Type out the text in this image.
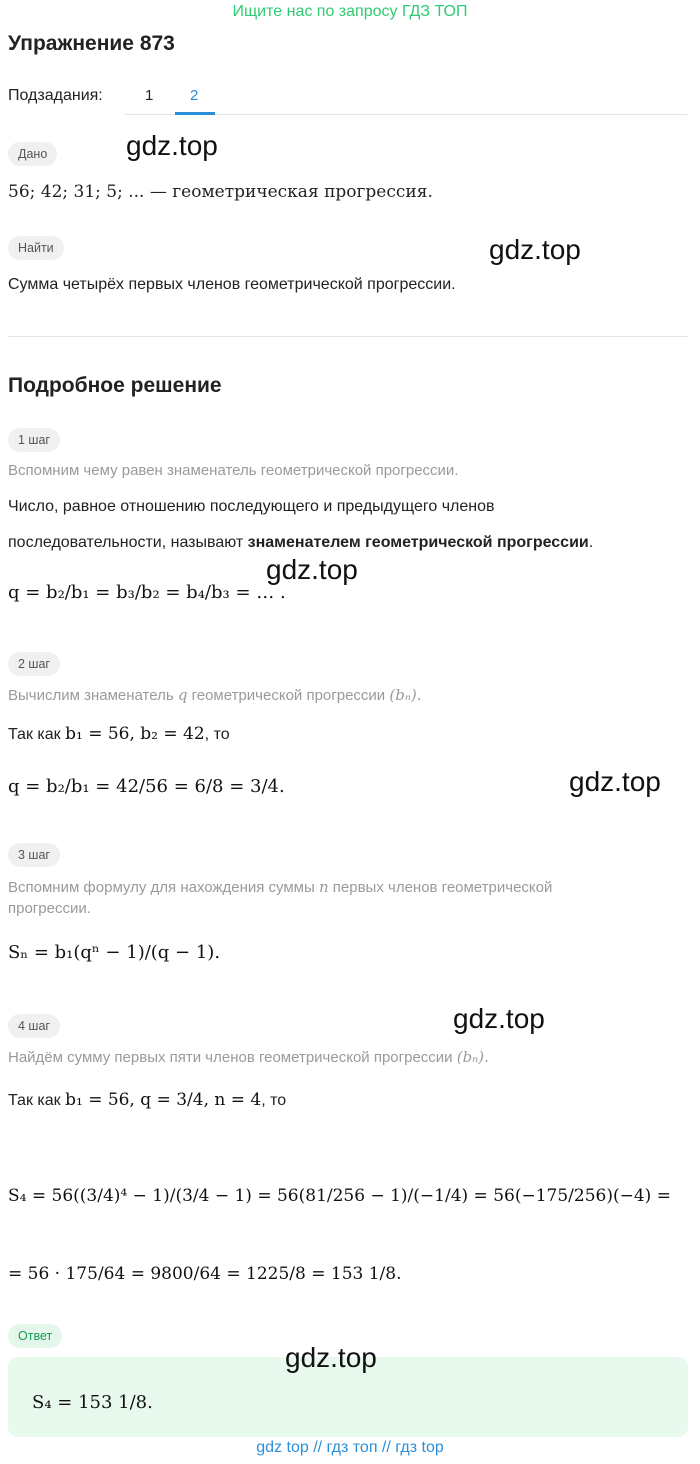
Ищите нас по запросу ГДЗ ТОП
Упражнение 873
Подзадания:	1 2
Дано	gdz.top
56; 42; 31; 5; ... — геометрическая прогрессия.
Найти	gdz.top
Сумма четырёх первых членов геометрической прогрессии.
Подробное решение
1 шаг
Вспомним чему равен знаменатель геометрической прогрессии.
Число, равное отношению последующего и предыдущего членов
последовательности, называют знаменателем геометрической прогрессии.
gdz.top
q = b₂/b₁ = b₃/b₂ = b₄/b₃ = … .
2 шаг
Вычислим знаменатель q геометрической прогрессии (bₙ).
Так как b₁ = 56, b₂ = 42, то
q = b₂/b₁ = 42/56 = 6/8 = 3/4.	gdz.top
3 шаг
Вспомним формулу для нахождения суммы n первых членов геометрической
прогрессии.
Sₙ = b₁(qⁿ − 1)/(q − 1).
4 шаг	gdz.top
Найдём сумму первых пяти членов геометрической прогрессии (bₙ).
Так как b₁ = 56, q = 3/4, n = 4, то
S₄ = 56((3/4)⁴ − 1)/(3/4 − 1) = 56(81/256 − 1)/(−1/4) = 56(−175/256)(−4) =
= 56 · 175/64 = 9800/64 = 1225/8 = 153 1/8.
Ответ
gdz.top
S₄ = 153 1/8.
gdz top // гдз топ // гдз top
